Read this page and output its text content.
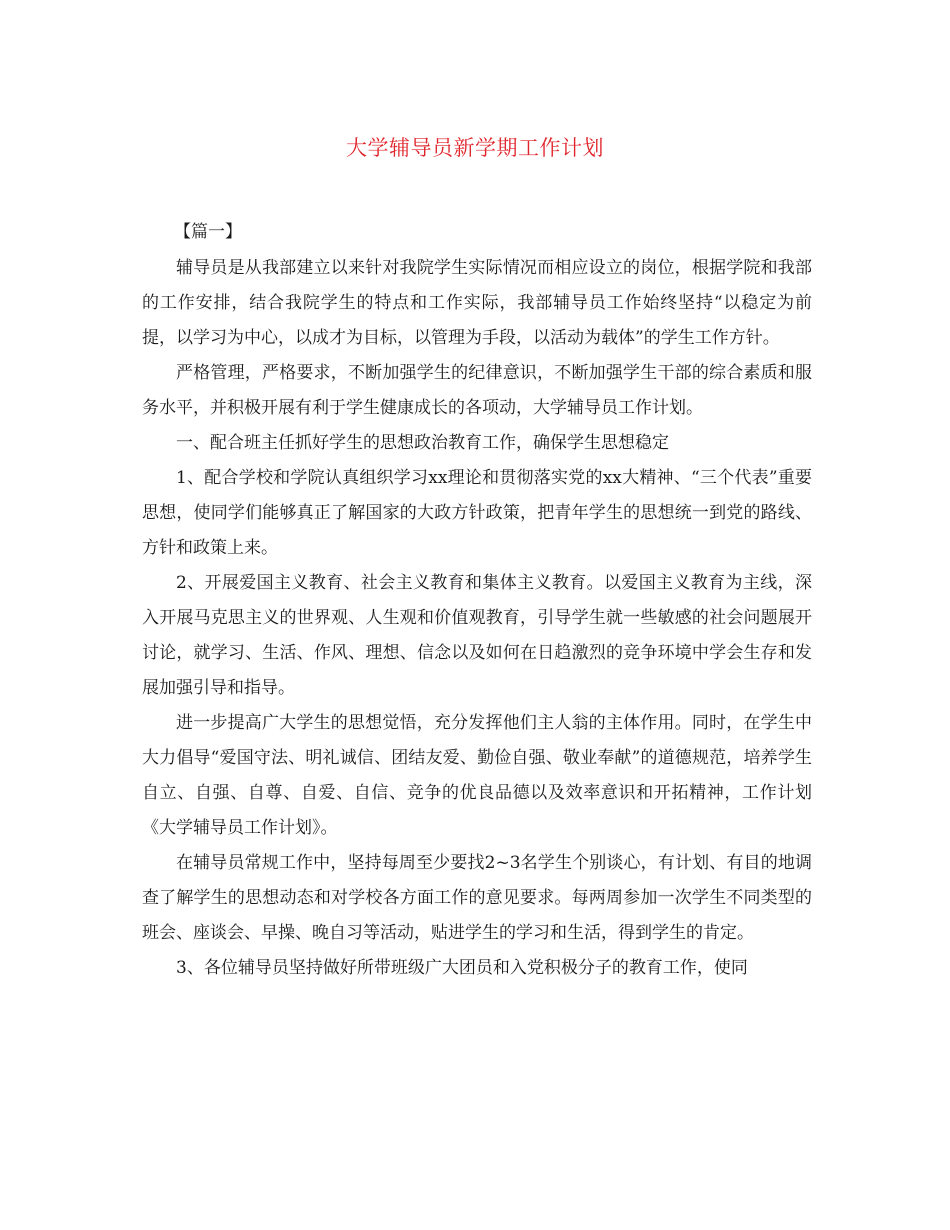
大学辅导员新学期工作计划
【篇一】

辅导员是从我部建立以来针对我院学生实际情况而相应设立的岗位，根据学院和我部的工作安排，结合我院学生的特点和工作实际，我部辅导员工作始终坚持“以稳定为前提，以学习为中心，以成才为目标，以管理为手段，以活动为载体”的学生工作方针。

严格管理，严格要求，不断加强学生的纪律意识，不断加强学生干部的综合素质和服务水平，并积极开展有利于学生健康成长的各项动，大学辅导员工作计划。

一、配合班主任抓好学生的思想政治教育工作，确保学生思想稳定

1、配合学校和学院认真组织学习xx理论和贯彻落实党的xx大精神、“三个代表”重要思想，使同学们能够真正了解国家的大政方针政策，把青年学生的思想统一到党的路线、方针和政策上来。

2、开展爱国主义教育、社会主义教育和集体主义教育。以爱国主义教育为主线，深入开展马克思主义的世界观、人生观和价值观教育，引导学生就一些敏感的社会问题展开讨论，就学习、生活、作风、理想、信念以及如何在日趋激烈的竞争环境中学会生存和发展加强引导和指导。

进一步提高广大学生的思想觉悟，充分发挥他们主人翁的主体作用。同时，在学生中大力倡导“爱国守法、明礼诚信、团结友爱、勤俭自强、敬业奉献”的道德规范，培养学生自立、自强、自尊、自爱、自信、竞争的优良品德以及效率意识和开拓精神，工作计划《大学辅导员工作计划》。

在辅导员常规工作中，坚持每周至少要找2~3名学生个别谈心，有计划、有目的地调查了解学生的思想动态和对学校各方面工作的意见要求。每两周参加一次学生不同类型的班会、座谈会、早操、晚自习等活动，贴进学生的学习和生活，得到学生的肯定。

3、各位辅导员坚持做好所带班级广大团员和入党积极分子的教育工作，使同
